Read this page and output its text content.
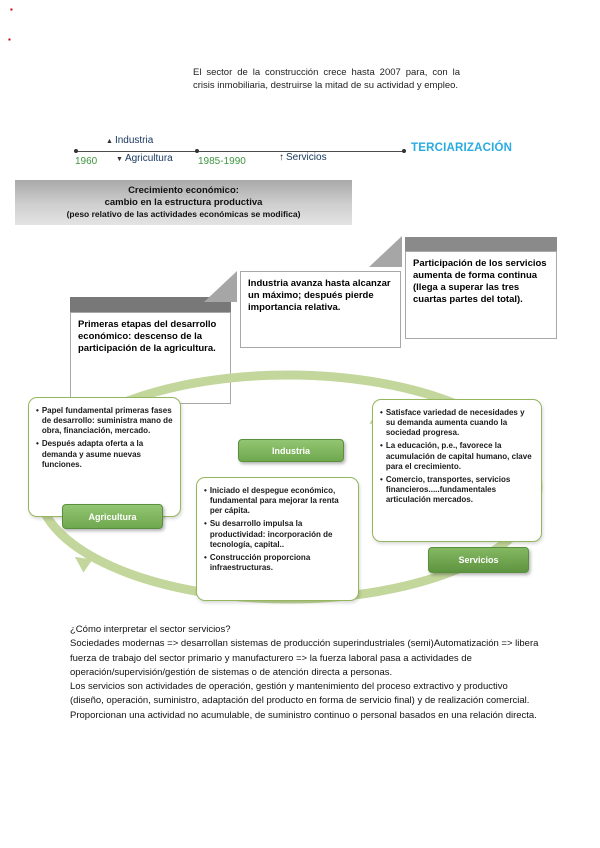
▪
▪

El sector de la construcción crece hasta 2007 para, con la crisis inmobiliaria, destruirse la mitad de su actividad y empleo.

▲ Industria
▼ Agricultura	↑ Servicios
1960	1985-1990
TERCIARIZACIÓN
Crecimiento económico:
cambio en la estructura productiva
(peso relativo de las actividades económicas se modifica)
Primeras etapas del desarrollo económico: descenso de la participación de la agricultura.
Industria avanza hasta alcanzar un máximo; después pierde importancia relativa.
Participación de los servicios aumenta de forma continua (llega a superar las tres cuartas partes del total).
•
Papel fundamental primeras fases de desarrollo: suministra mano de obra, financiación, mercado.
•
Después adapta oferta a la demanda y asume nuevas funciones.
•
Iniciado el despegue económico, fundamental para mejorar la renta per cápita.
•
Su desarrollo impulsa la productividad: incorporación de tecnología, capital..
•
Construcción proporciona infraestructuras.
•
Satisface variedad de necesidades y su demanda aumenta cuando la sociedad progresa.
•
La educación, p.e., favorece la acumulación de capital humano, clave para el crecimiento.
•
Comercio, transportes, servicios financieros.....fundamentales articulación mercados.
Agricultura
Industria
Servicios

¿Cómo interpretar el sector servicios?

Sociedades modernas => desarrollan sistemas de producción superindustriales (semi)Automatización => libera fuerza de trabajo del sector primario y manufacturero => la fuerza laboral pasa a actividades de operación/supervisión/gestión de sistemas o de atención directa a personas.

Los servicios son actividades de operación, gestión y mantenimiento del proceso extractivo y productivo (diseño, operación, suministro, adaptación del producto en forma de servicio final) y de realización comercial. Proporcionan una actividad no acumulable, de suministro continuo o personal basados en una relación directa.
